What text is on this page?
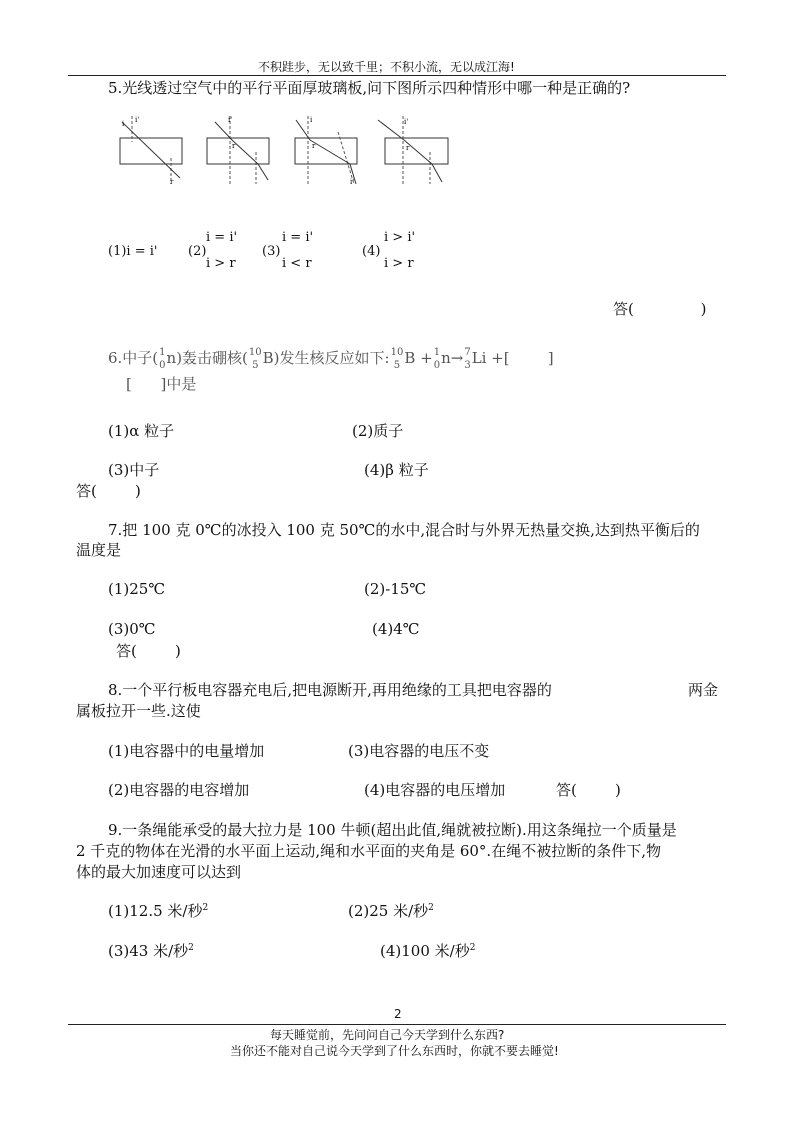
不积跬步，无以致千里；不积小流，无以成江海!
5.光线透过空气中的平行平面厚玻璃板,问下图所示四种情形中哪一种是正确的?
i i'
r
i'
r
i
r
i'
i'
r
(1)i = i' (2)
i = i'
i > r
(3)
i = i'
i < r
(4)
i > i'
i > r
答(              )
6.中子(1
0n)轰击硼核(10
5 B)发生核反应如下:10
5 B +1
0n→7
3Li +[        ]
[      ]中是
(1)α 粒子	(2)质子
(3)中子	(4)β 粒子
答(        )
7.把 100 克 0℃的冰投入 100 克 50℃的水中,混合时与外界无热量交换,达到热平衡后的
温度是
(1)25℃	(2)-15℃
(3)0℃	(4)4℃
答(        )
8.一个平行板电容器充电后,把电源断开,再用绝缘的工具把电容器的	两金
属板拉开一些.这使
(1)电容器中的电量增加	(3)电容器的电压不变
(2)电容器的电容增加	(4)电容器的电压增加	答(        )
9.一条绳能承受的最大拉力是 100 牛顿(超出此值,绳就被拉断).用这条绳拉一个质量是
2 千克的物体在光滑的水平面上运动,绳和水平面的夹角是 60°.在绳不被拉断的条件下,物
体的最大加速度可以达到
(1)12.5 米/秒$^2$	(2)25 米/秒$^2$
(3)43 米/秒$^2$	(4)100 米/秒$^2$
2
每天睡觉前，先问问自己今天学到什么东西?
当你还不能对自己说今天学到了什么东西时，你就不要去睡觉!
